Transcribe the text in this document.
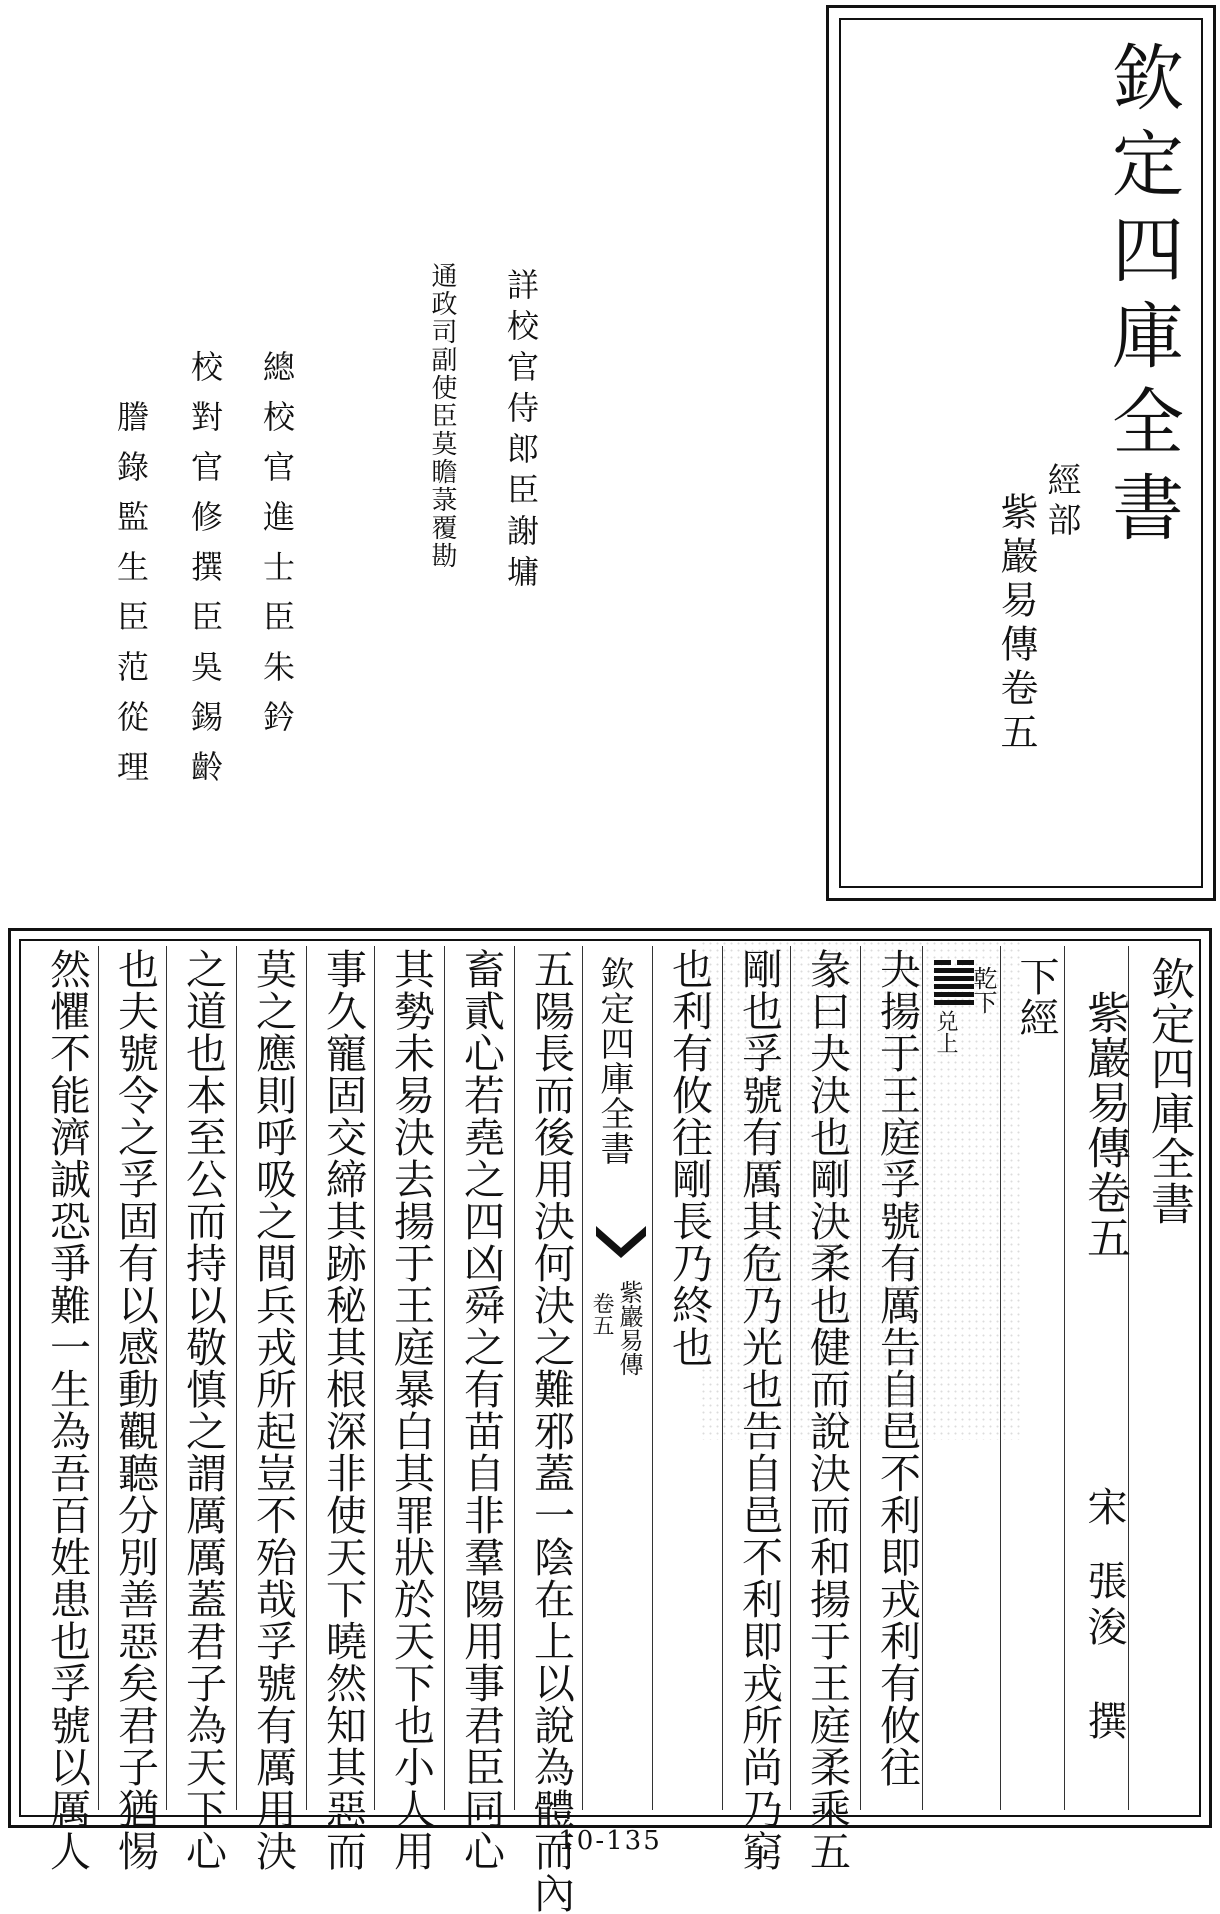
欽定四庫全書
經部
紫巖易傳卷五
詳校官侍郎臣謝墉
通政司副使臣莫瞻菉覆勘
總校官進士臣朱鈐
校對官修撰臣吳錫齡
謄錄監生臣范從理
欽定四庫全書
紫巖易傳卷五
宋
張浚
撰
下經
乾下
兑上
夬揚于王庭孚號有厲告自邑不利即戎利有攸往
彖曰夬決也剛決柔也健而說決而和揚于王庭柔乘五
剛也孚號有厲其危乃光也告自邑不利即戎所尚乃窮
也利有攸往剛長乃終也
欽定四庫全書
紫巖易傳
卷五
五陽長而後用決何決之難邪蓋一陰在上以說為體而內
畜貳心若堯之四凶舜之有苗自非羣陽用事君臣同心
其勢未易決去揚于王庭暴白其罪狀於天下也小人用
事久寵固交締其跡秘其根深非使天下曉然知其惡而
莫之應則呼吸之間兵戎所起豈不殆哉孚號有厲用決
之道也本至公而持以敬慎之謂厲厲蓋君子為天下心
也夫號令之孚固有以感動觀聽分別善惡矣君子猶惕
然懼不能濟誠恐爭難一生為吾百姓患也孚號以厲人	10-135
